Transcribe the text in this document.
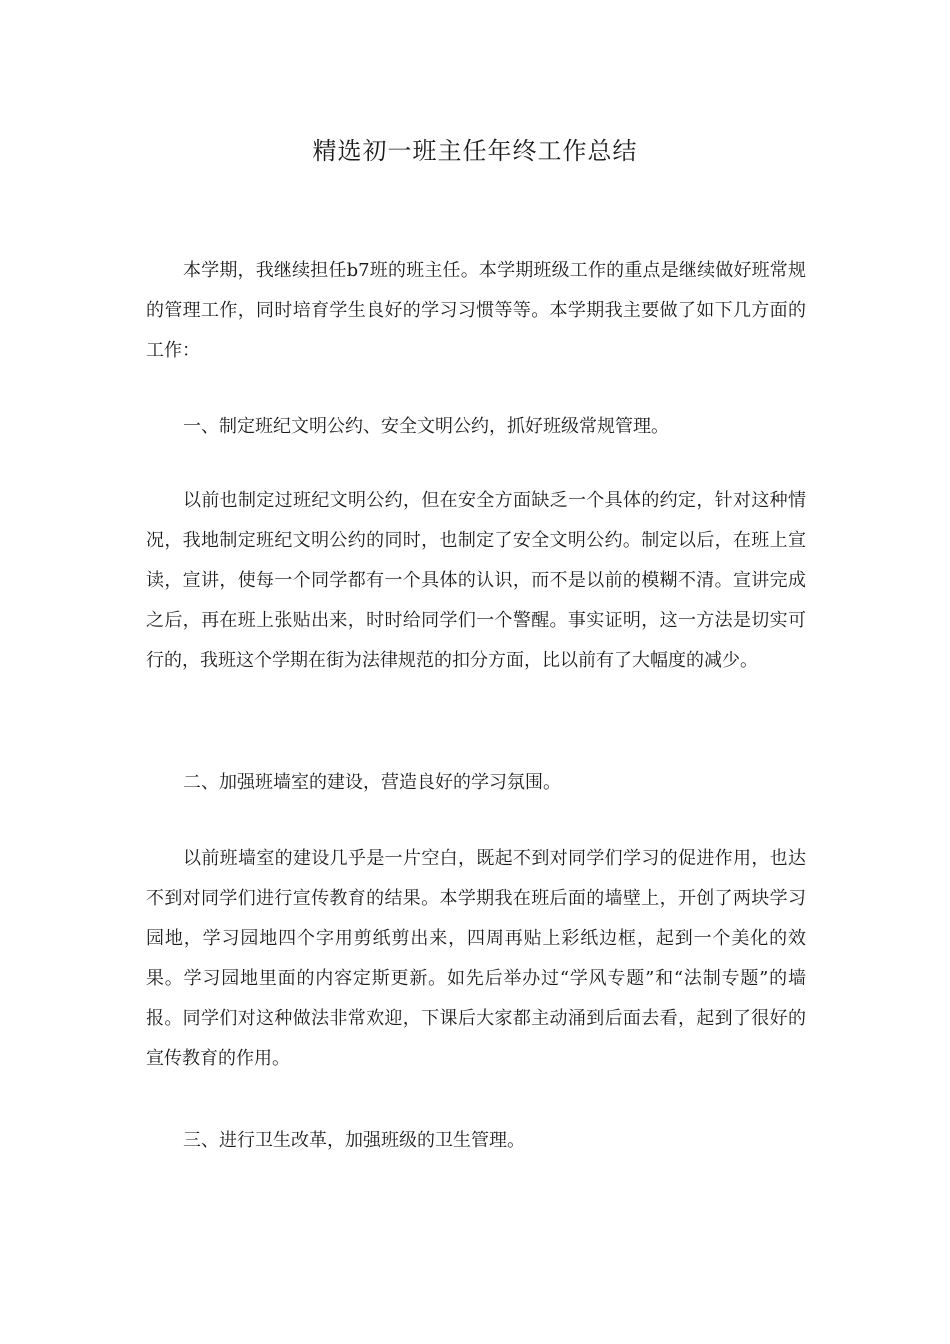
精选初一班主任年终工作总结

本学期，我继续担任b7班的班主任。本学期班级工作的重点是继续做好班常规的管理工作，同时培育学生良好的学习习惯等等。本学期我主要做了如下几方面的工作：

一、制定班纪文明公约、安全文明公约，抓好班级常规管理。

以前也制定过班纪文明公约，但在安全方面缺乏一个具体的约定，针对这种情况，我地制定班纪文明公约的同时，也制定了安全文明公约。制定以后，在班上宣读，宣讲，使每一个同学都有一个具体的认识，而不是以前的模糊不清。宣讲完成之后，再在班上张贴出来，时时给同学们一个警醒。事实证明，这一方法是切实可行的，我班这个学期在街为法律规范的扣分方面，比以前有了大幅度的减少。

二、加强班墙室的建设，营造良好的学习氛围。

以前班墙室的建设几乎是一片空白，既起不到对同学们学习的促进作用，也达不到对同学们进行宣传教育的结果。本学期我在班后面的墙壁上，开创了两块学习园地，学习园地四个字用剪纸剪出来，四周再贴上彩纸边框，起到一个美化的效果。学习园地里面的内容定斯更新。如先后举办过“学风专题”和“法制专题”的墙报。同学们对这种做法非常欢迎，下课后大家都主动涌到后面去看，起到了很好的宣传教育的作用。

三、进行卫生改革，加强班级的卫生管理。
